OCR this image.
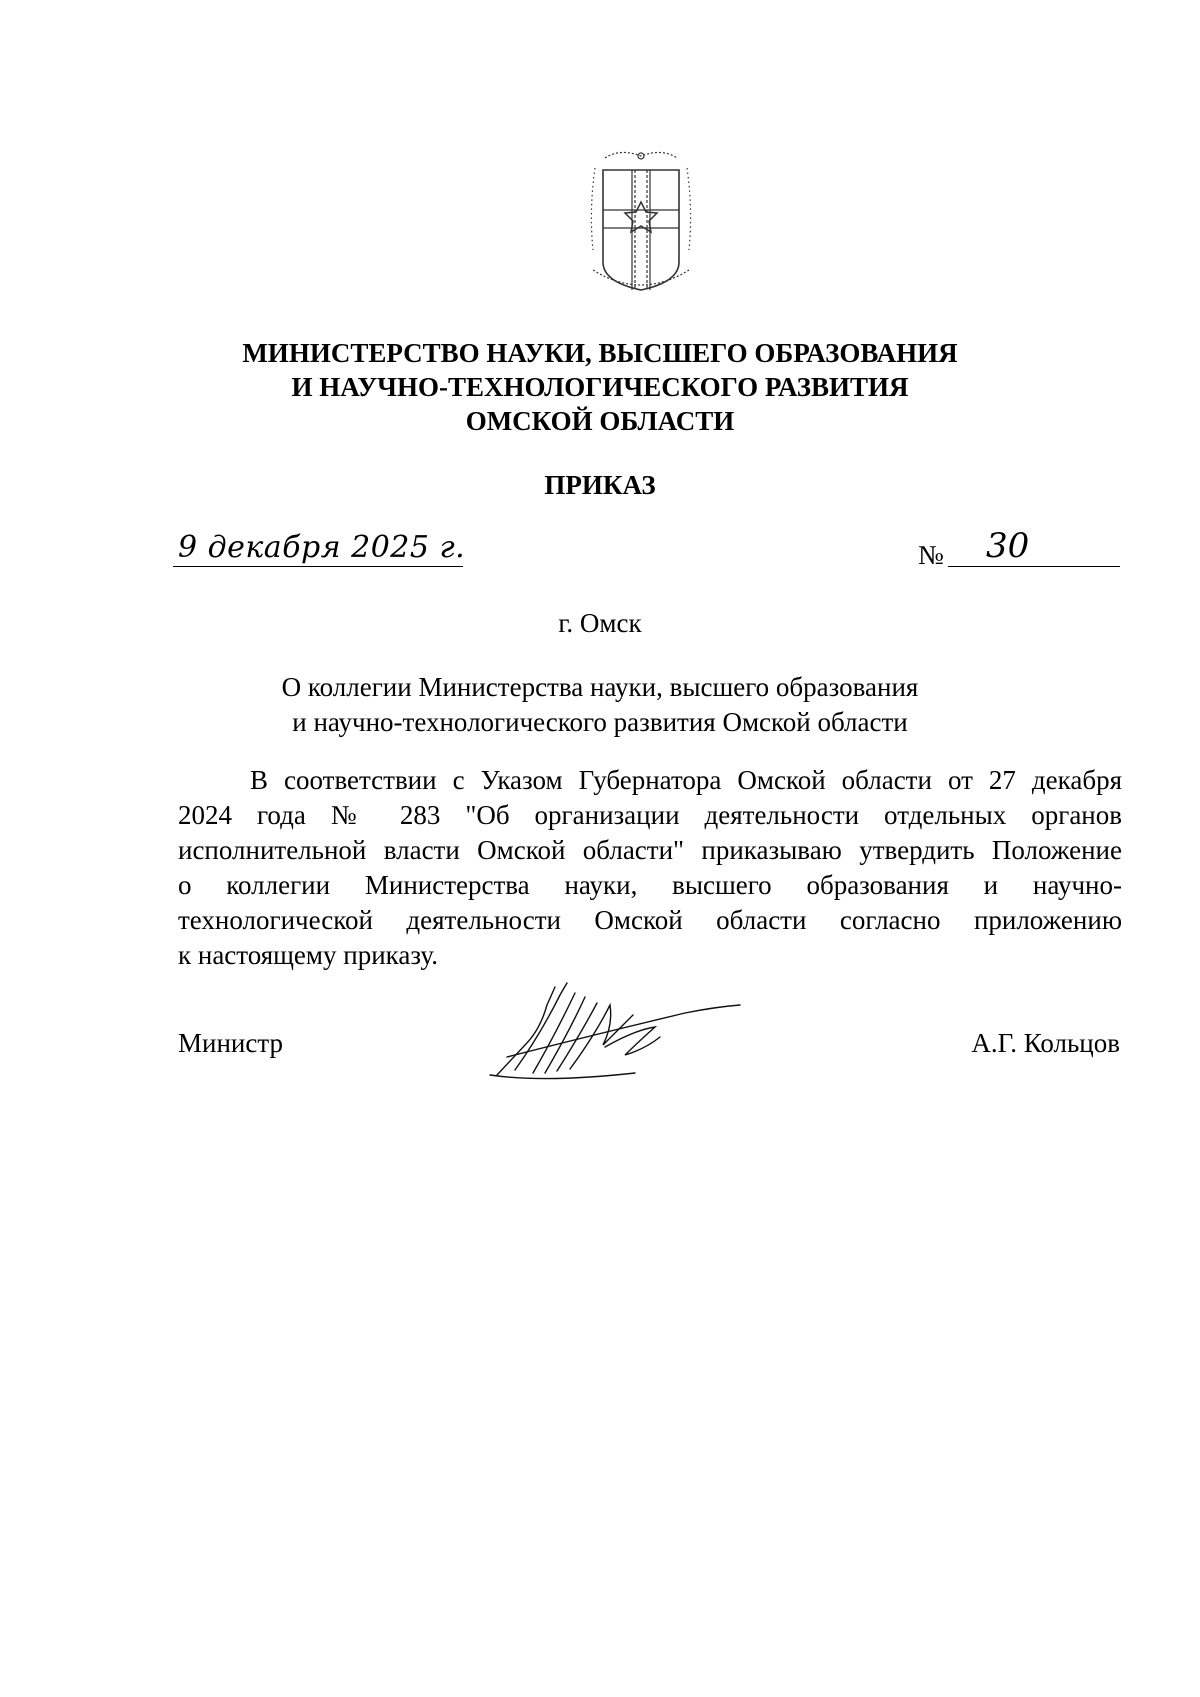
МИНИСТЕРСТВО НАУКИ, ВЫСШЕГО ОБРАЗОВАНИЯ
И НАУЧНО-ТЕХНОЛОГИЧЕСКОГО РАЗВИТИЯ
ОМСКОЙ ОБЛАСТИ
ПРИКАЗ
9 декабря 2025 г.	№ 30
г. Омск
О коллегии Министерства науки, высшего образования
и научно-технологического развития Омской области
В соответствии с Указом Губернатора Омской области от 27 декабря
2024 года № 283 "Об организации деятельности отдельных органов
исполнительной власти Омской области" приказываю утвердить Положение
о коллегии Министерства науки, высшего образования и научно-
технологической деятельности Омской области согласно приложению
к настоящему приказу.
Министр	А.Г. Кольцов
